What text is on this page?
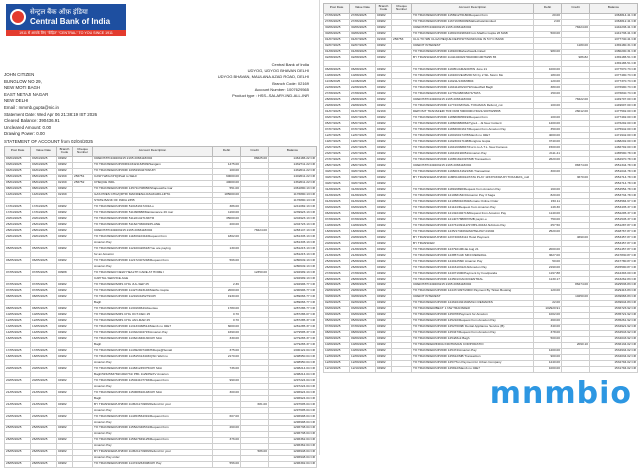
सेन्ट्रल बैंक ऑफ़ इंडिया
Central Bank of India
1911 से आपके लिए "केंद्रित" "CENTRAL" TO YOU SINCE 1911
Central Bank of India
UDYOG, UDYOG BHAVAN DELHI
UDYOG BHAVAN, MAULANA AZAD ROAD, DELHI
Branch Code: 02169
Account Number: 1007629565
Product type : HSS--SALARY-IND-ALL-INR
JOHN CITIZEN
BUNGLOW NO 29,
NEW MOTI BAGH
EAST NETAJI NAGAR
NEW DELHI
Email : mmmb.gupta@nic.in
Statement Date: Wed Apr 06 21:38:19 IST 2026
Cleared Balance: 390436.91
Uncleared Amount: 0.00
Drawing Power: 0.00
STATEMENT OF ACCOUNT from 02/04/2025
Post Date	Value Date	Branch Code	Cheque Number	Account Description	Debit	Credit	Balance
03/04/2025	03/04/2025	04982		CREDIT/PF449203215 2165 2066118/002		86625.00	1464186.22 CR
03/04/2025	03/04/2025	04982		TO TRANSFER/UPI/DR/103421163509/Sangam	1475.00		1462711.22 CR
04/04/2025	04/04/2025	04982		TO TRANSFER/UPI/DR/ 109519642703/UPI	100.00		1462611.22 CR
05/04/2025	05/04/2025	02169	256751	CASH WDL/CHQ/Paid to SELF	60000.00		1402611.22 CR
05/04/2025	05/04/2025	02169	256752	CHEQUE WDL	40000.00		1362611.22 CR
08/04/2025	08/04/2025	04982		TO TRANSFER/UPI/DR/ 145711708956/Shapeasthe Gar	551.00		1361890.13 CR
14/04/2025	14/04/2025	02169		GAS PRES CHG/QRTR/ MAINDENAJASAKARILLIPTA	185000.00		1176890.13 CR
				STATE BANK OF INDIA 2355			1176890.13 CR
17/04/2025	17/04/2025	04982		TO TRANSFER/UPI/DR/ 510181617201/Lo	386.00		1241082.13 CR
17/04/2025	17/04/2025	04982		TO TRANSFER/UPI/DR/ 511098888/Maintenance 26 mar	1160.00		1239923.13 CR
20/04/2025	20/04/2025	04982		TO TRANSFER/UPI/DR/ 511221427136/TR	35000.00		1204923.13 CR
26/04/2025	26/04/2025	04982		TO TRANSFER/UPI/DR/ 511627366049/PLANE	200.00		1204723.13 CR
28/04/2025	28/04/2025	04982		CREDIT/PF449203215 2165 2066118/002		78424.00	1283147.13 CR
29/04/2025	29/04/2025	04982		TO TRANSFER/UPI/DR/ 11180322344/Request from	1802.00		1281345.13 CR
				Amazon Pay			1281345.13 CR
05/05/2025	05/05/2025	04982		TO TRANSFER/UPI/DR/ 112100420618/You are paying	130.00		1281215.13 CR
				for an Amazon			1281215.13 CR
06/05/2025	06/05/2025	04982		TO TRANSFER/UPI/DR/ 112172407248/Request from	566.00		1280649.13 CR
				Amazon Pay			1280649.13 CR
07/05/2025	07/05/2025	00988		TO TRANSFER/ NEW/ HEALTH CARE AT HOME I		12350.00	1292999.13 CR
				CAPITAL SERVICE AGE			1292999.13 CR
07/05/2025	07/05/2025	04982		TO TRANSFERS/MS CHG JUL-SEP 25	2.36		1292996.77 CR
07/05/2025	07/05/2025	04982		TO TRANSFER/UPI/DR/ 114271823146/Maithu Gupta	2000.00		1290996.77 CR
08/05/2025	08/05/2025	04982		TO TRANSFER/UPI/DR/ 112916/425279/UPI	1930.00		1289066.77 CR
				Bagh			1289066.77 CR
08/05/2025	08/05/2025	04982		TO TRANSFER/UPI/DR/ 113016964/Absentee	1780.00		1287286.77 CR
10/05/2025	10/05/2025	04982		TO TRANSFERS/MS CHG OCT-DEC 25	0.70		1287286.07 CR
12/05/2025	12/05/2025	04982		TO TRANSFERS/MS CHG JAN-MAR 25	0.70		1287285.37 CR
13/05/2025	13/05/2025	04982		TO TRANSFER/UPI/DR/ 113133468514/Mamb no 02E7	6000.00		1281285.37 CR
14/05/2025	14/05/2025	04982		TO TRANSFER/UPI/DR/ 113322404715/Amazon Pay	1690.00		1279595.37 CR
16/05/2025	16/05/2025	04982		TO TRANSFER/UPI/DR/ 113621846130/UPI Moti	330.00		1279265.37 CR
				Bagh			1279265.37 CR
17/05/2025	17/05/2025	04982		TO TRANSFER/UPI/DR/ 114392007406/Hilltops@Sonali	375.00		1300122.04 CR
18/05/2025	18/05/2025	04982		TO TRANSFER/UPI/DR/ 114515313403/QSC Well no	2170.00		1298950.04 CR
				Amazon Pay			1298950.04 CR
20/05/2025	20/05/2025	04982		TO TRANSFER/UPI/DR/ 114831245375/UPI Moti	736.00		1298214.04 CR
				Bagh/5152563782/1002731/ PB1 1129/PEXV Amazon			1298214.04 CR
20/05/2025	20/05/2025	04982		TO TRANSFER/UPI/DR/ 115044107746/Request from	990.00		1297224.04 CR
				Amazon Pay			1297224.04 CR
21/05/2025	21/05/2025	04982		TO TRANSFER/UPI/DR/ 115068810148/UPI Moti	300.00		1296924.04 CR
				Bagh			1296924.04 CR
21/05/2025	21/05/2025	04982		BY TRANSFER/UPI/DR/ 114521174966/Refund for your		681.00	1297605.04 CR
				Amazon Pay			1297605.04 CR
23/05/2025	23/05/2025	04982		TO TRANSFER/UPI/DR/ 114453564391/Request from	607.00		1296998.04 CR
				Amazon Pay			1296998.04 CR
25/05/2025	25/05/2025	04982		TO TRANSFER/UPI/DR/ 115522346531/Request from	260.00		1296738.04 CR
				Amazon Pay			1296738.04 CR
26/05/2025	26/05/2025	04982		TO TRANSFER/UPI/DR/ 115627849125/Request from	376.00		1296362.04 CR
				Amazon Pay			1296362.04 CR
26/05/2025	26/05/2025	04982		BY TRANSFER/UPI/DR/ 114521174966/Refund for your		586.00	1296948.04 CR
				Amazon Pay order			1296948.04 CR
28/05/2025	28/05/2025	04982		TO TRANSFER/UPI/DR/ 114743263308/UPI Pay	556.00		1296392.04 CR
Post Date	Value Date	Branch Code	Cheque Number	Account Description	Debit	Credit	Balance
27/06/2025	27/06/2025	04982		TO TRANSFER/UPI/DR/ 115691276180/Request from	20.00		1363814.41 CR
27/06/2025	27/06/2025	04982		TO TRANSFER/UPI/DR/ 116716350009/MaheshwariLimited	2.00		1363812.41 CR
30/06/2025	30/06/2025	04982		CREDIT/PF449203215 2165 2066118/002		78424.00	1442236.41 CR
30/06/2025	30/06/2025	04982		TO TRANSFER/UPI/DR/ 118013319834/From Madhu Gupta 26 MAB	500.00		1441736.41 CR
01/07/2025	01/07/2025	02169	256753	CLG TO SBI CLG/CHEQUE DEPOSIT/SUNDUCE IN 5 P C BANK			1377740.41 CR
02/07/2025	02/07/2025	04982		CREDIT INTEREST		1180.00	1381180.31 CR
01/08/2025	01/08/2025	04982		TO TRANSFER/UPI/DR/ 118100/MaheshwariLimited	980.00		1380200.31 CR
02/08/2025	02/08/2025	04982		BY TRANSFER/UPI/DR/ 114110200/27002000/10076295 65		986.82	1381186.51 CR
							1381186.51 CR
06/08/2025	06/08/2025	04982		TO TRANSFER/UPI/DR/ 119051/AMADDHIN June 21	1000.00		1377670.73 CR
10/08/2025	10/08/2025	04982		TO TRANSFER/UPI/DR/ 119160/VE48V6D Mr by 2 SIL Storm Mo	180.00		1377490.73 CR
11/08/2025	11/08/2025	04982		TO TRANSFER/UPI/DR/ 119211/1303/6B04	120.00		1377370.73 CR
22/08/2025	22/08/2025	04982		TO TRANSFER/UPI/DR/ 119411183/1079/VideoWell Bagh	380.00		1376990.73 CR
27/08/2025	27/08/2025	04982		TO TRANSFER/UPI/DR/ 117762488/38274/TATA	150.00		1376840.73 CR
28/08/2025	28/08/2025	04982		CREDIT/PF449203215 2165 2066118/002		78422.00	1449707.00 CR
29/08/2025	29/08/2025	04982		TO TRANSFER/UPI/DR/ 117743/3/FINAL TOKAMAS Refund_cut	100.00		1449607.00 CR
01/07/2025	01/07/2025	02169		DEPOSIT TRANSFER/ TRF FRM 5000000174021/1007629565		26012.00	1477592.00 CR
03/07/2025	03/07/2025	04982		TO TRANSFER/UPI/DR/ 118680805819/Request from	100.00		1477492.00 CR
05/07/2025	05/07/2025	04982		TO TRANSFER/UPI/DR/ 118609880864/Type1 - Jk New Collecti	1200.00		1476292.00 CR
07/07/2025	07/07/2025	04982		TO TRANSFER/UPI/DR/ 118830001617/Request from Amazon Pay	350.00		1475942.00 CR
12/07/2025	12/07/2025	04982		TO TRANSFER/UPI/DR/ 119016017478/Mamb no 02E7	4000.00		1471942.00 CR
19/07/2025	19/07/2025	04982		TO TRANSFER/UPI/DR/ 119230017108/Bunglow Gupta	3740.00		1468202.00 CR
23/07/2025	23/07/2025	04982		TO TRANSFER/UPI/DR/ 119419368847/Form to A.T.L. New Famous	1500.00		1466702.00 CR
23/07/2025	23/07/2025	04982		TO TRANSFER/UPI/DR/ 119416190051/Amazon Pay	2111.41		1465590.78 CR
27/07/2025	27/07/2025	04982		TO TRANSFER/UPI/DR/ 119651822397/MB Transaction	2620.00		1462970.78 CR
28/07/2025	28/07/2025	04982		CREDIT/PF449203215 2165 2066118/002		88374.00	1551344.78 CR
30/07/2025	30/07/2025	04982		TO TRANSFER/UPI/DR/ 119820131621/Mb Transaction	300.00		1551044.78 CR
30/07/2025	30/07/2025	04982		BY TRANSFER/UPI/DR/ 118651030014/TATA PLAY 115370330/UPI TOKAMAS_null		3670.00	1554714.78 CR
30/07/2025	30/07/2025	04982					1554714.78 CR
31/08/2025	31/08/2025	04982		TO TRANSFER/UPI/DR/ 118919890/Request from Amazon Pay	160.00		1554554.78 CR
01/08/2025	01/08/2025	04982		TO TRANSFER/UPI/DR/ 121068154/3/Amazon Pay 3 Saga	820.00		1553734.78 CR
01/09/2025	01/09/2025	04982		TO TRANSFER/UPI/DR/ 121058010360/Zomato Online Order	150.11		1553584.67 CR
03/09/2025	03/09/2025	04982		TO TRANSFER/UPI/DR/ 121144/Request from Amazon Pay	149.30		1553435.37 CR
06/08/2025	06/08/2025	04982		TO TRANSFER/UPI/DR/ 121322402716/Request from Amazon Pay	1140.00		1552295.37 CR
07/08/2025	07/08/2025	04982		TO TRANSFER/UPI/DR/ 121407788887/IMB paytm-e	750.00		1551545.37 CR
10/08/2025	10/08/2025	04982		TO TRANSFER/UPI/DR/ 123731/09112/SYIBS-0043A NA/Auto Pay	257.50		1551287.87 CR
18/08/2025	18/08/2025	04982		TO TRANSFER/UPI/DR/ 1235/1734660/AIRTELPAY-01602	2520.00		1548767.87 CR
20/08/2025	20/08/2025	04982		BY TRANSFER/UPI/DR/ 123740033114 Hotel Payment		4690.00	1553457.87 CR
20/08/2025	20/08/2025	04982		BY TRANSFER			1553457.87 CR
21/08/2025	21/08/2025	04982		TO TRANSFER/UPI/DR/ 123792106/Jai Aug 21	2000.00		1551457.87 CR
21/08/2025	21/08/2025	04982		TO TRANSFER/UPI/DR/ 123857143/ MINI REFERAL	3627.00		1547830.87 CR
25/08/2025	25/08/2025	04982		TO TRANSFER/UPI/DR/ 124012560/ Amazon Pay	50.00		1547780.87 CR
26/08/2025	26/08/2025	04982		TO TRANSFER/UPI/DR/ 124161031213/Amazon Pay	2190.00		1545590.87 CR
27/08/2025	27/08/2025	04982		TO TRANSFER/UPI/DR/ 124071900/Payment by Foodpanda	1197.88		1544393.00 CR
28/08/2025	28/08/2025	04982		TO TRANSFER/UPI/DR/ 124501/OACD/CENTRAL	1130.17		1543262.83 CR
28/08/2025	28/08/2025	04982		CREDIT/PF449203215 2165 2066118/002		86274.00	1629536.83 CR
29/08/2025	29/08/2025	04982		TO TRANSFER/UPI/DR/ 12447/1097/2000/ Payment By Ticket Booking	120.00		1629416.83 CR
30/08/2025	30/08/2025	04982		CREDIT INTEREST		10250.00	1639666.83 CR
02/09/2025	02/09/2025	04982		TO TRANSFER/UPI/DR/ 124616432160/MILC REMARKS	22.00		1639644.83 CR
03/09/2025	03/09/2025	04982		TO TRANSFER/BECT 1 NW TRANSFER	102920.91		1536723.92 CR
03/09/2025	03/09/2025	04982		TO TRANSFER/UPI/DR/ 125078/Payment for Amazon	1002.00		1535721.92 CR
05/09/2025	05/09/2025	04982		TO TRANSFER/UPI/DR/ 125210/Request from Amazon Pay	460.00		1535261.92 CR
07/09/2025	07/09/2025	04982		TO TRANSFER/UPI/DR/ 125270038/ Dental Appliance Service (B)	340.00		1534921.92 CR
08/09/2025	08/09/2025	04982		TO TRANSFER/UPI/DR/ 125347/Request from Amazon Pay	378.00		1534543.92 CR
09/09/2025	09/09/2025	04982		TO TRANSFER/UPI/DR/ 1254/Moti Bagh	500.00		1534043.92 CR
10/09/2025	10/09/2025	04982		TO TRANSFER/INDIA IND/HUMAN CORPORATIO		2090.10	1536134.02 CR
10/09/2025	10/09/2025	04982		TO TRANSFER/UPI/DR/ 125474/Amazon Pay	1200.00		1534934.02 CR
12/09/2025	12/09/2025	04982		TO TRANSFER/UPI/DR/ 125612/MB Transaction	900.00		1534034.02 CR
12/09/2025	12/09/2025	04982		TO TRANSFER/UPI/DR/ 1257/Ton Payment for Urban Company	1240.00		1532794.02 CR
12/10/2025	12/10/2025	04982		TO TRANSFER/UPI/DR/ 125812/Mamb no 02E7	1000.00		1531794.02 CR
mnmbio
